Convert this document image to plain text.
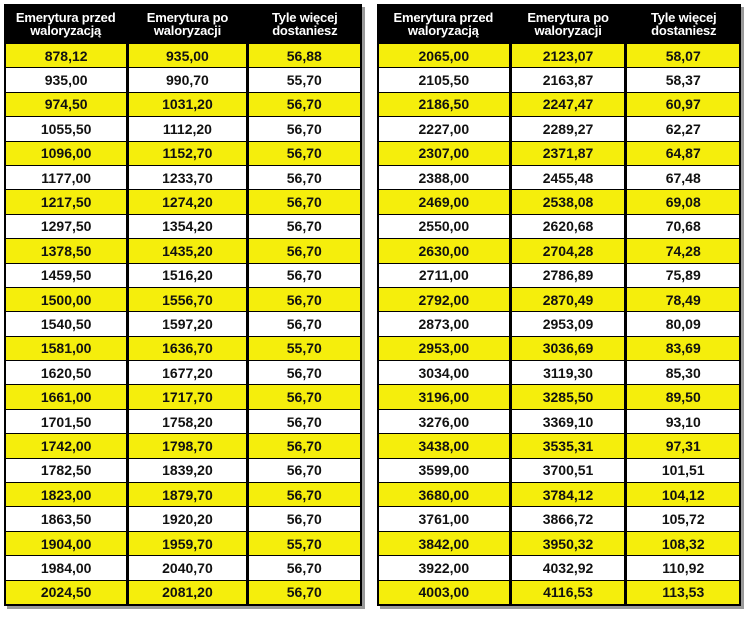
Emerytura przed waloryzacją	Emerytura po waloryzacji	Tyle więcej dostaniesz
878,12	935,00	56,88
935,00	990,70	55,70
974,50	1031,20	56,70
1055,50	1112,20	56,70
1096,00	1152,70	56,70
1177,00	1233,70	56,70
1217,50	1274,20	56,70
1297,50	1354,20	56,70
1378,50	1435,20	56,70
1459,50	1516,20	56,70
1500,00	1556,70	56,70
1540,50	1597,20	56,70
1581,00	1636,70	55,70
1620,50	1677,20	56,70
1661,00	1717,70	56,70
1701,50	1758,20	56,70
1742,00	1798,70	56,70
1782,50	1839,20	56,70
1823,00	1879,70	56,70
1863,50	1920,20	56,70
1904,00	1959,70	55,70
1984,00	2040,70	56,70
2024,50	2081,20	56,70
Emerytura przed waloryzacją	Emerytura po waloryzacji	Tyle więcej dostaniesz
2065,00	2123,07	58,07
2105,50	2163,87	58,37
2186,50	2247,47	60,97
2227,00	2289,27	62,27
2307,00	2371,87	64,87
2388,00	2455,48	67,48
2469,00	2538,08	69,08
2550,00	2620,68	70,68
2630,00	2704,28	74,28
2711,00	2786,89	75,89
2792,00	2870,49	78,49
2873,00	2953,09	80,09
2953,00	3036,69	83,69
3034,00	3119,30	85,30
3196,00	3285,50	89,50
3276,00	3369,10	93,10
3438,00	3535,31	97,31
3599,00	3700,51	101,51
3680,00	3784,12	104,12
3761,00	3866,72	105,72
3842,00	3950,32	108,32
3922,00	4032,92	110,92
4003,00	4116,53	113,53
